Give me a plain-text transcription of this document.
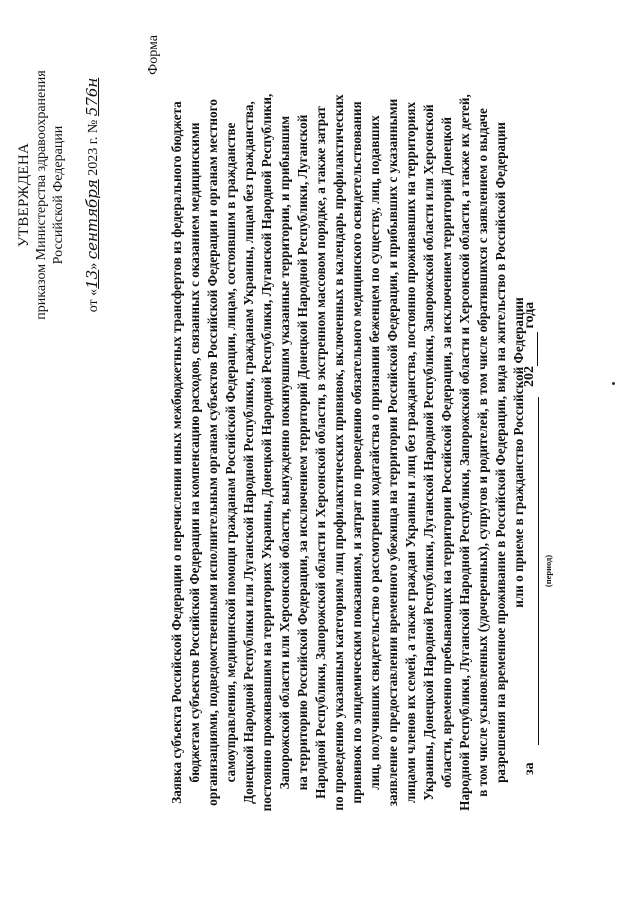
УТВЕРЖДЕНА приказом Министерства здравоохранения Российской Федерации
от «13» сентября 2023 г. № 576н
Форма

Заявка субъекта Российской Федерации о перечислении иных межбюджетных трансфертов из федерального бюджета бюджетам субъектов Российской Федерации на компенсацию расходов, связанных с оказанием медицинскими организациями, подведомственными исполнительным органам субъектов Российской Федерации и органам местного самоуправления, медицинской помощи гражданам Российской Федерации, лицам, состоявшим в гражданстве Донецкой Народной Республики или Луганской Народной Республики, гражданам Украины, лицам без гражданства, постоянно проживавшим на территориях Украины, Донецкой Народной Республики, Луганской Народной Республики, Запорожской области или Херсонской области, вынужденно покинувшим указанные территории, и прибывшим на территорию Российской Федерации, за исключением территорий Донецкой Народной Республики, Луганской Народной Республики, Запорожской области и Херсонской области, в экстренном массовом порядке, а также затрат по проведению указанным категориям лиц профилактических прививок, включенных в календарь профилактических прививок по эпидемическим показаниям, и затрат по проведению обязательного медицинского освидетельствования лиц, получивших свидетельство о рассмотрении ходатайства о признании беженцем по существу, лиц, подавших заявление о предоставлении временного убежища на территории Российской Федерации, и прибывших с указанными лицами членов их семей, а также граждан Украины и лиц без гражданства, постоянно проживавших на территориях Украины, Донецкой Народной Республики, Луганской Народной Республики, Запорожской области или Херсонской области, временно пребывающих на территории Российской Федерации, за исключением территорий Донецкой Народной Республики, Луганской Народной Республики, Запорожской области и Херсонской области, а также их детей, в том числе усыновленных (удочеренных), супругов и родителей, в том числе обратившихся с заявлением о выдаче разрешения на временное проживание в Российской Федерации, вида на жительство в Российской Федерации или о приеме в гражданство Российской Федерации

за
(период)
202 года
